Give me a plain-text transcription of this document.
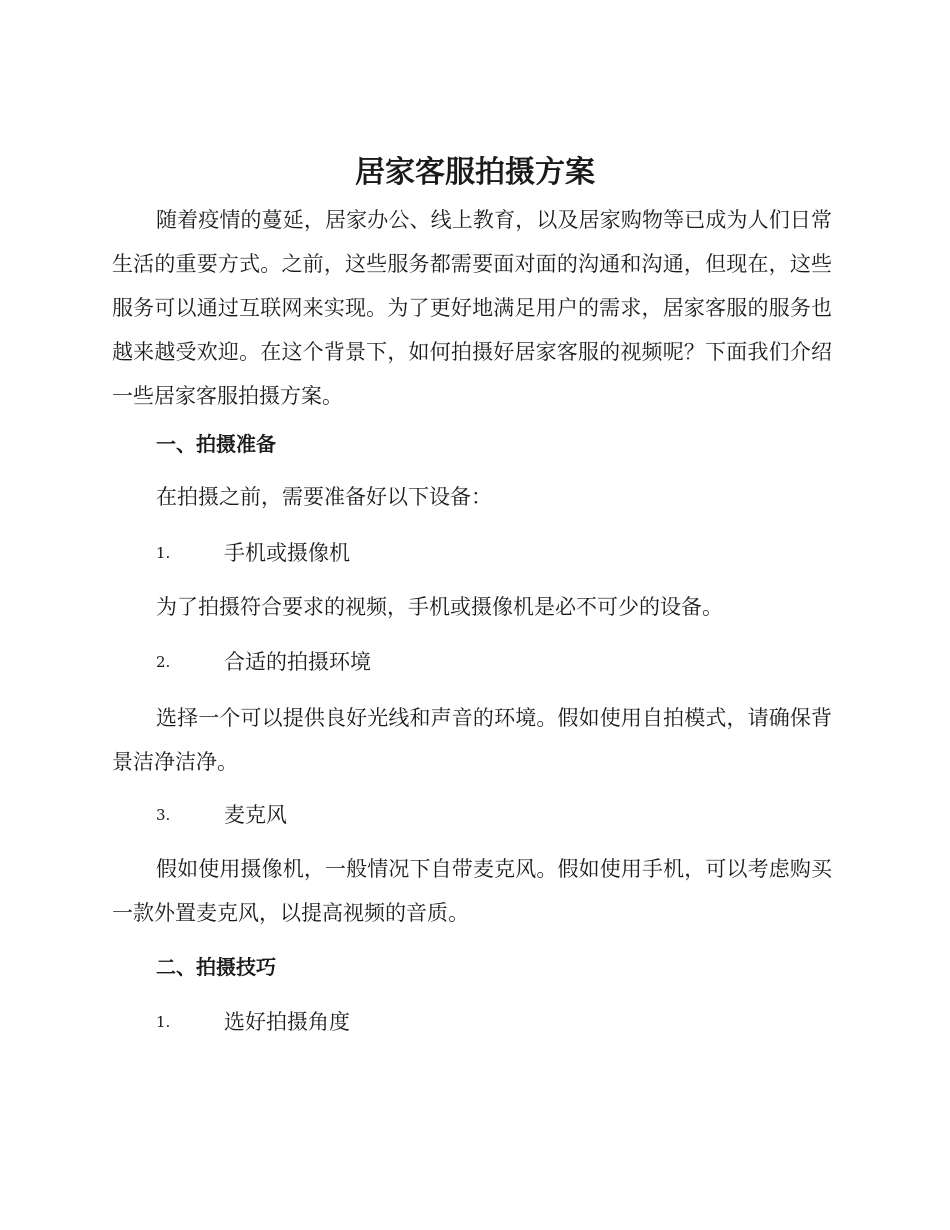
居家客服拍摄方案

随着疫情的蔓延，居家办公、线上教育，以及居家购物等已成为人们日常生活的重要方式。之前，这些服务都需要面对面的沟通和沟通，但现在，这些服务可以通过互联网来实现。为了更好地满足用户的需求，居家客服的服务也越来越受欢迎。在这个背景下，如何拍摄好居家客服的视频呢？下面我们介绍一些居家客服拍摄方案。

一、拍摄准备

在拍摄之前，需要准备好以下设备：

1.	手机或摄像机

为了拍摄符合要求的视频，手机或摄像机是必不可少的设备。

2.	合适的拍摄环境

选择一个可以提供良好光线和声音的环境。假如使用自拍模式，请确保背景洁净洁净。

3.	麦克风

假如使用摄像机，一般情况下自带麦克风。假如使用手机，可以考虑购买一款外置麦克风，以提高视频的音质。

二、拍摄技巧
1.	选好拍摄角度
